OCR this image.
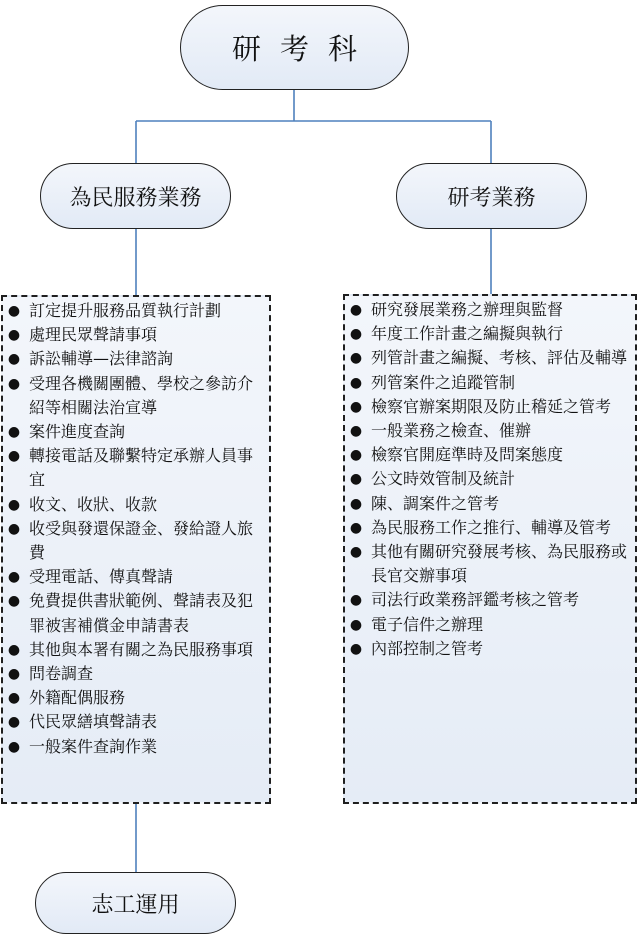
研考科
為民服務業務	研考業務
● 訂定提升服務品質執行計劃
● 處理民眾聲請事項
● 訴訟輔導—法律諮詢
● 受理各機關團體、學校之參訪介紹等相關法治宣導
● 案件進度查詢
● 轉接電話及聯繫特定承辦人員事宜
● 收文、收狀、收款
● 收受與發還保證金、發給證人旅費
● 受理電話、傳真聲請
● 免費提供書狀範例、聲請表及犯罪被害補償金申請書表
● 其他與本署有關之為民服務事項
● 問卷調查
● 外籍配偶服務
● 代民眾繕填聲請表
● 一般案件查詢作業
● 研究發展業務之辦理與監督
● 年度工作計畫之編擬與執行
● 列管計畫之編擬、考核、評估及輔導
● 列管案件之追蹤管制
● 檢察官辦案期限及防止稽延之管考
● 一般業務之檢查、催辦
● 檢察官開庭準時及問案態度
● 公文時效管制及統計
● 陳、調案件之管考
● 為民服務工作之推行、輔導及管考
● 其他有關研究發展考核、為民服務或長官交辦事項
● 司法行政業務評鑑考核之管考
● 電子信件之辦理
● 內部控制之管考
志工運用
